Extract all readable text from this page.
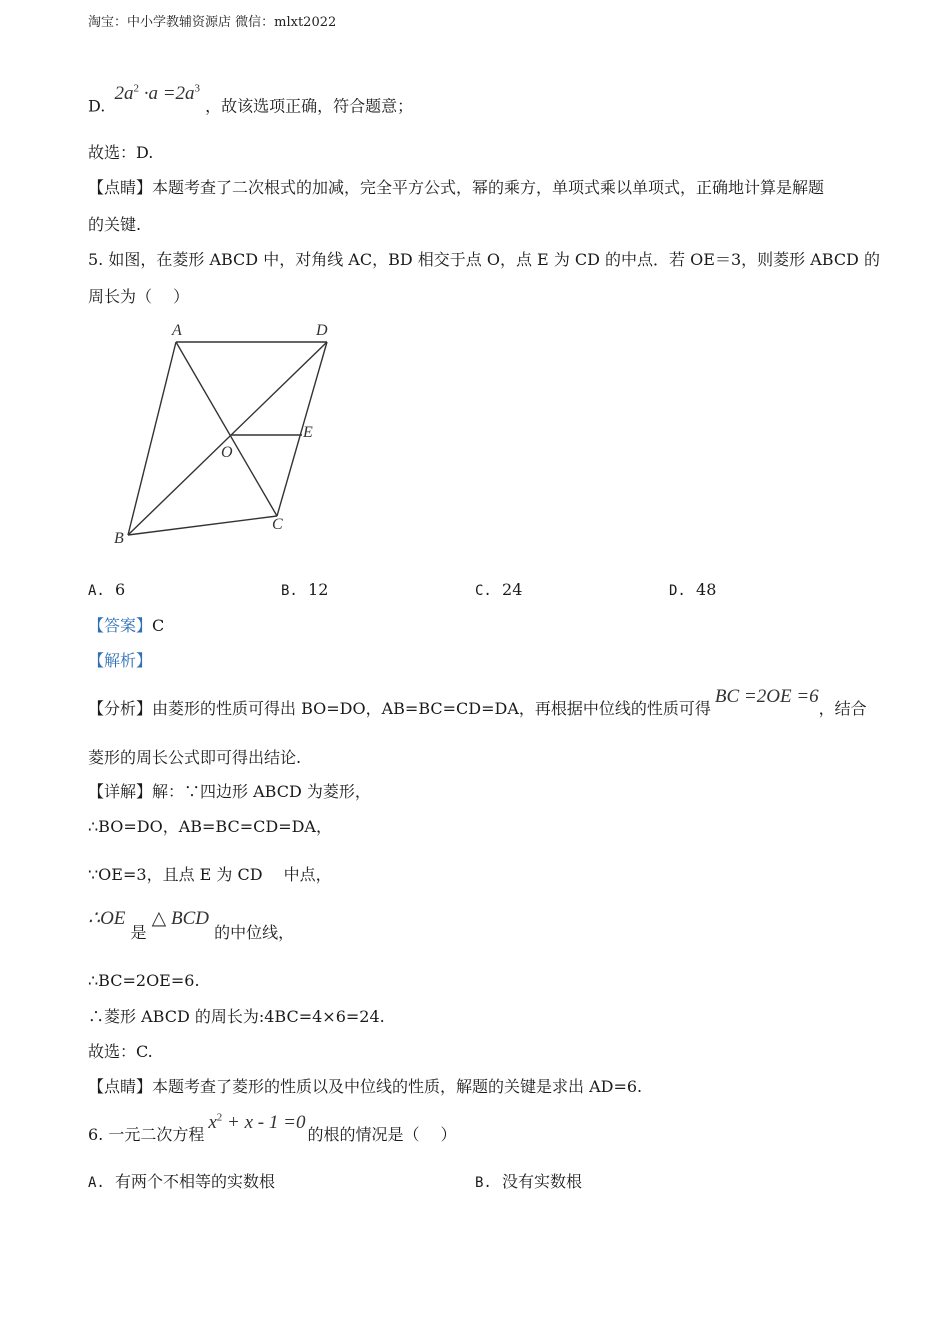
淘宝：中小学教辅资源店 微信：mlxt2022
D. $2a^2 \cdot a =2a^3$ ，故该选项正确，符合题意；
故选：D.
【点睛】本题考查了二次根式的加减，完全平方公式，幂的乘方，单项式乘以单项式，正确地计算是解题
的关键.
5. 如图，在菱形 ABCD 中，对角线 AC，BD 相交于点 O，点 E 为 CD 的中点．若 OE＝3，则菱形 ABCD 的
周长为（　 ）
A	D
E
O
B
C
A. 6	B. 12	C. 24	D. 48
【答案】C
【解析】
【分析】由菱形的性质可得出 BO=DO，AB=BC=CD=DA，再根据中位线的性质可得BC =2OE =6，结合
菱形的周长公式即可得出结论.
【详解】解：∵四边形 ABCD 为菱形，
∴BO=DO，AB=BC=CD=DA，
∵OE=3，且点 E 为 CD　 中点，
∴OE 是 △ BCD 的中位线，
∴BC=2OE=6.
∴菱形 ABCD 的周长为:4BC=4×6=24.
故选：C.
【点睛】本题考查了菱形的性质以及中位线的性质，解题的关键是求出 AD=6.
6. 一元二次方程$x^2 + x - 1 =0$的根的情况是（　 ）
A. 有两个不相等的实数根	B. 没有实数根
